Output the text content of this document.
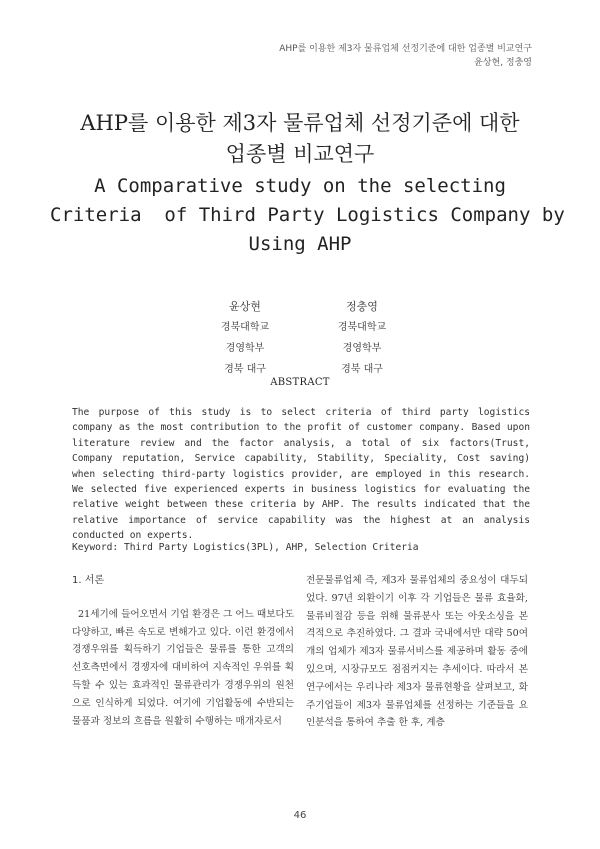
AHP를 이용한 제3자 물류업체 선정기준에 대한 업종별 비교연구
윤상현, 정충영
AHP를 이용한 제3자 물류업체 선정기준에 대한
업종별 비교연구
A Comparative study on the selecting
Criteria  of Third Party Logistics Company by
Using AHP
윤상현
경북대학교
경영학부
경북 대구
정충영
경북대학교
경영학부
경북 대구
ABSTRACT
The purpose of this study is to select criteria of third party logistics company as the most contribution to the profit of customer company. Based upon literature review and the factor analysis, a total of six factors(Trust, Company reputation, Service capability, Stability, Speciality, Cost saving) when selecting third-party logistics provider, are employed in this research. We selected five experienced experts in business logistics for evaluating the relative weight between these criteria by AHP. The results indicated that the relative importance of service capability was the highest at an analysis conducted on experts.
Keyword: Third Party Logistics(3PL), AHP, Selection Criteria
1. 서론

21세기에 들어오면서 기업 환경은 그 어느 때보다도 다양하고, 빠른 속도로 변해가고 있다. 이런 환경에서 경쟁우위를 획득하기 기업들은 물류를 통한 고객의 선호측면에서 경쟁자에 대비하여 지속적인 우위를 획득할 수 있는 효과적인 물류관리가 경쟁우위의 원천으로 인식하게 되었다. 여기에 기업활동에 수반되는 물품과 정보의 흐름을 원활히 수행하는 매개자로서

전문물류업체 즉, 제3자 물류업체의 중요성이 대두되었다. 97년 외환이기 이후 각 기업들은 물류 효율화, 물류비절감 등을 위해 물류분사 또는 아웃소싱을 본격적으로 추진하였다. 그 결과 국내에서만 대략 50여개의 업체가 제3자 물류서비스를 제공하며 활동 중에 있으며, 시장규모도 점점커지는 추세이다. 따라서 본 연구에서는 우리나라 제3자 물류현황을 살펴보고, 화주기업들이 제3자 물류업체를 선정하는 기준들을 요인분석을 통하여 추출 한 후, 계층

46
